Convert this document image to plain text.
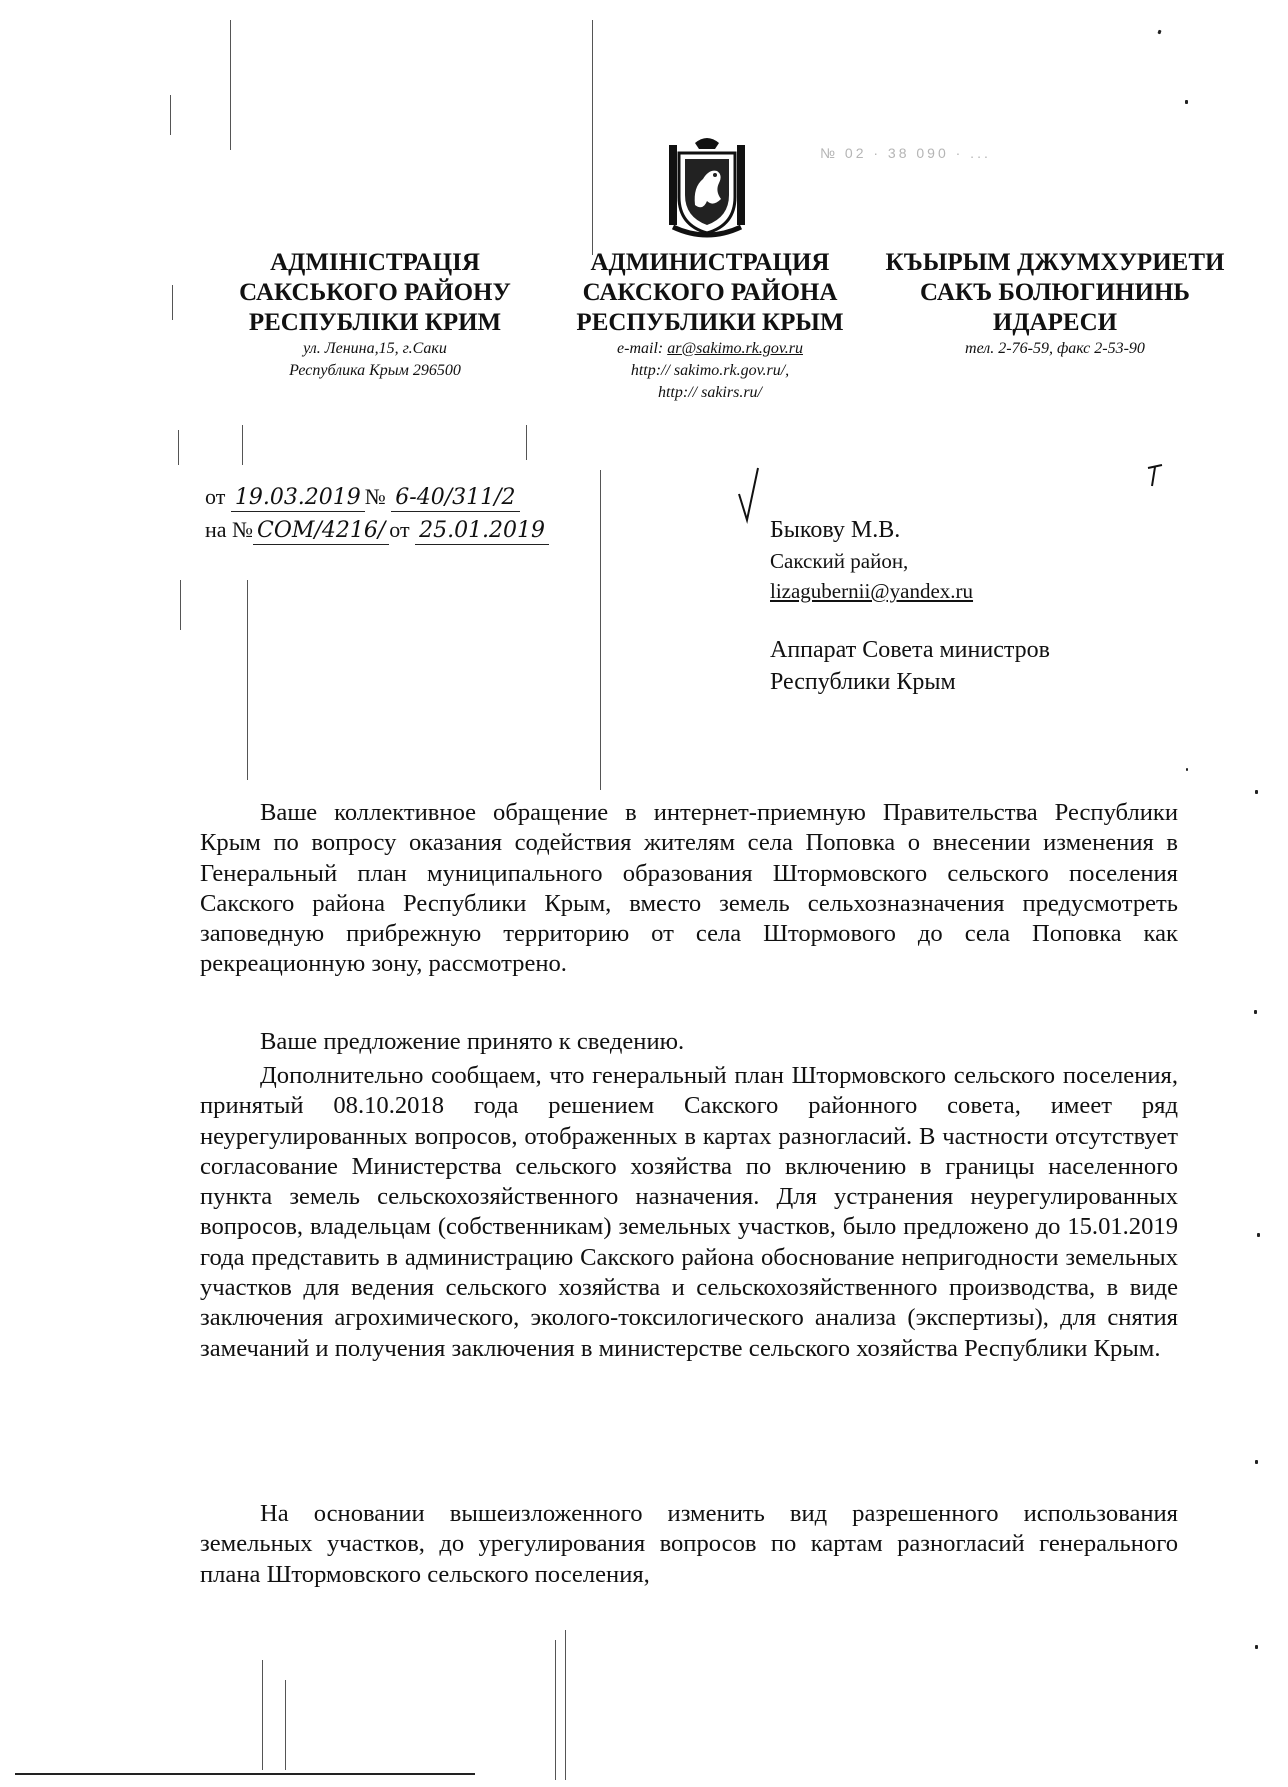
№ 02 · 38 090 · ...

АДМІНІСТРАЦІЯ

САКСЬКОГО РАЙОНУ

РЕСПУБЛІКИ КРИМ

ул. Ленина,15, г.Саки

Республика Крым 296500

АДМИНИСТРАЦИЯ

САКСКОГО РАЙОНА

РЕСПУБЛИКИ КРЫМ

e-mail: ar@sakimo.rk.gov.ru

http:// sakimo.rk.gov.ru/,

http:// sakirs.ru/

КЪЫРЫМ ДЖУМХУРИЕТИ

САКЪ БОЛЮГИНИНЬ

ИДАРЕСИ

тел. 2-76-59, факс 2-53-90

от 19.03.2019 № 6-40/311/2
на № СОМ/4216/ от 25.01.2019	Быкову М.В.
Сакский район,
lizagubernii@yandex.ru
Аппарат Совета министров
Республики Крым

Ваше коллективное обращение в интернет-приемную Правительства Республики Крым по вопросу оказания содействия жителям села Поповка о внесении изменения в Генеральный план муниципального образования Штормовского сельского поселения Сакского района Республики Крым, вместо земель сельхозназначения предусмотреть заповедную прибрежную территорию от села Штормового до села Поповка как рекреационную зону, рассмотрено.

Ваше предложение принято к сведению.

Дополнительно сообщаем, что генеральный план Штормовского сельского поселения, принятый 08.10.2018 года решением Сакского районного совета, имеет ряд неурегулированных вопросов, отображенных в картах разногласий. В частности отсутствует согласование Министерства сельского хозяйства по включению в границы населенного пункта земель сельскохозяйственного назначения. Для устранения неурегулированных вопросов, владельцам (собственникам) земельных участков, было предложено до 15.01.2019 года представить в администрацию Сакского района обоснование непригодности земельных участков для ведения сельского хозяйства и сельскохозяйственного производства, в виде заключения агрохимического, эколого-токсилогического анализа (экспертизы), для снятия замечаний и получения заключения в министерстве сельского хозяйства Республики Крым.

На основании вышеизложенного изменить вид разрешенного использования земельных участков, до урегулирования вопросов по картам разногласий генерального плана Штормовского сельского поселения,
